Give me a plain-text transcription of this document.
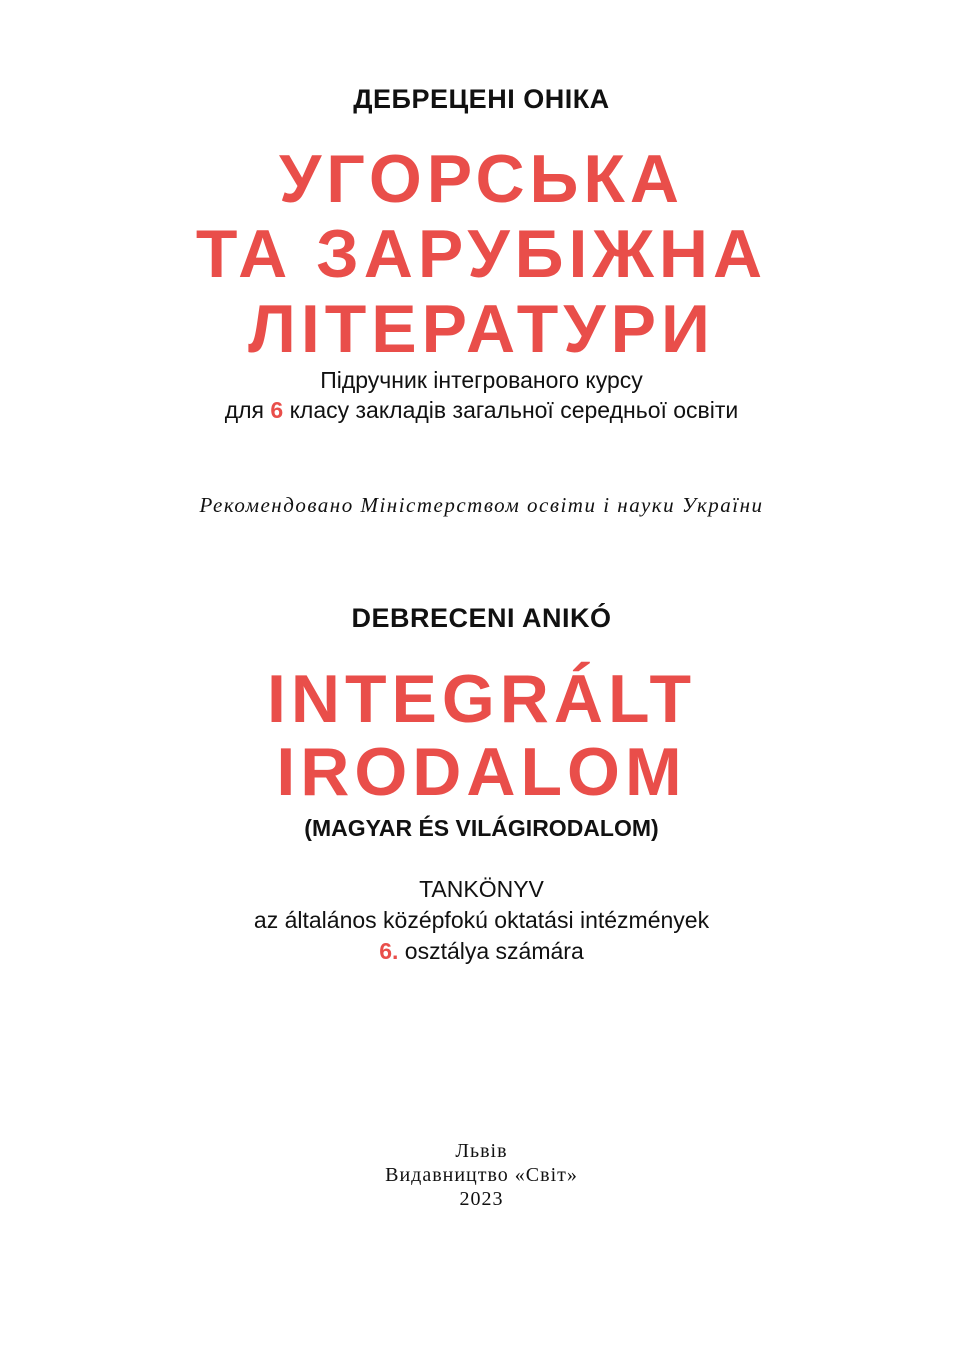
ДЕБРЕЦЕНІ ОНІКА

УГОРСЬКА

ТА ЗАРУБІЖНА

ЛІТЕРАТУРИ

Підручник інтегрованого курсу

для 6 класу закладів загальної середньої освіти

Рекомендовано Міністерством освіти і науки України

DEBRECENI ANIKÓ

INTEGRÁLT

IRODALOM

(MAGYAR ÉS VILÁGIRODALOM)

TANKÖNYV

az általános középfokú oktatási intézmények

6. osztálya számára

Львів

Видавництво «Світ»

2023
